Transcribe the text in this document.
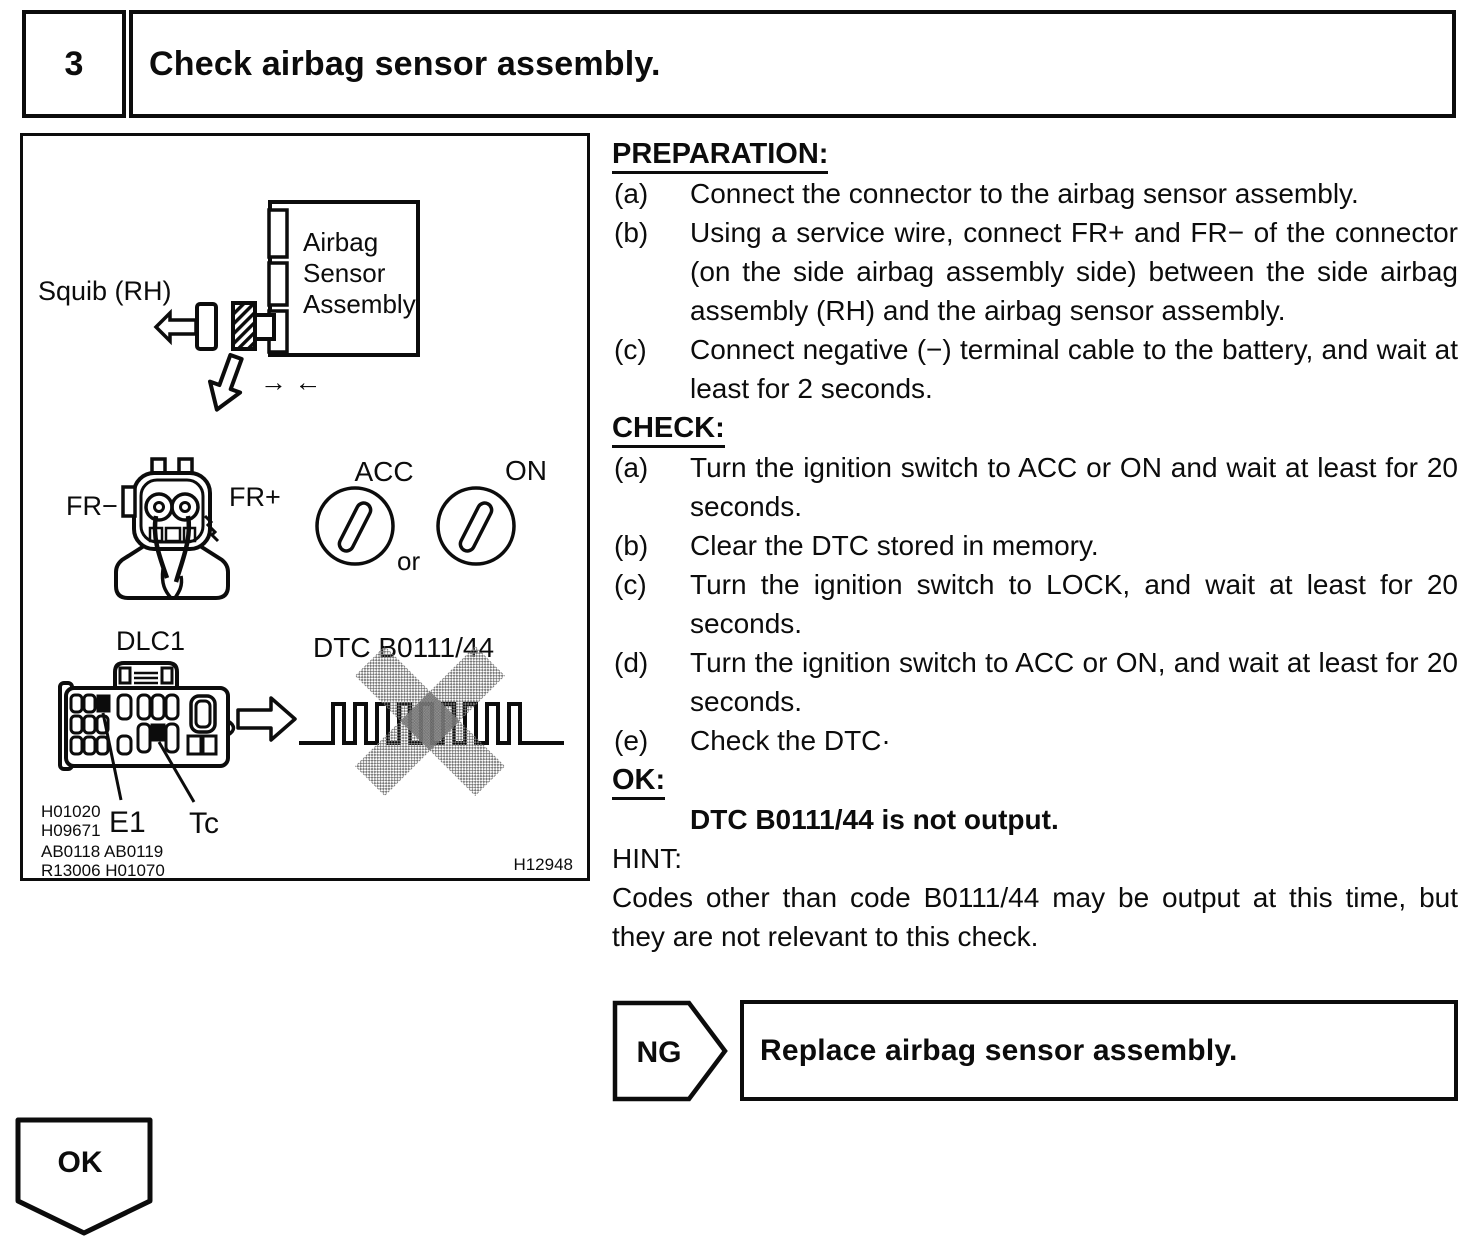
3	Check airbag sensor assembly.
Squib (RH)
Airbag
Sensor
Assembly
→ ←
FR−	FR+
ACC	ON
or
DLC1
E1 Tc
DTC B0111/44
H01020
H09671
AB0118 AB0119
R13006 H01070	H12948
PREPARATION:
(a) Connect the connector to the airbag sensor assembly.
(b) Using a service wire, connect FR+ and FR− of the connector (on the side airbag assembly side) between the side airbag assembly (RH) and the airbag sensor assembly.
(c) Connect negative (−) terminal cable to the battery, and wait at least for 2 seconds.
CHECK:
(a) Turn the ignition switch to ACC or ON and wait at least for 20 seconds.
(b) Clear the DTC stored in memory.
(c) Turn the ignition switch to LOCK, and wait at least for 20 seconds.
(d) Turn the ignition switch to ACC or ON, and wait at least for 20 seconds.
(e) Check the DTC·
OK:
DTC B0111/44 is not output.
HINT:
Codes other than code B0111/44 may be output at this time, but they are not relevant to this check.
NG	Replace airbag sensor assembly.
OK
